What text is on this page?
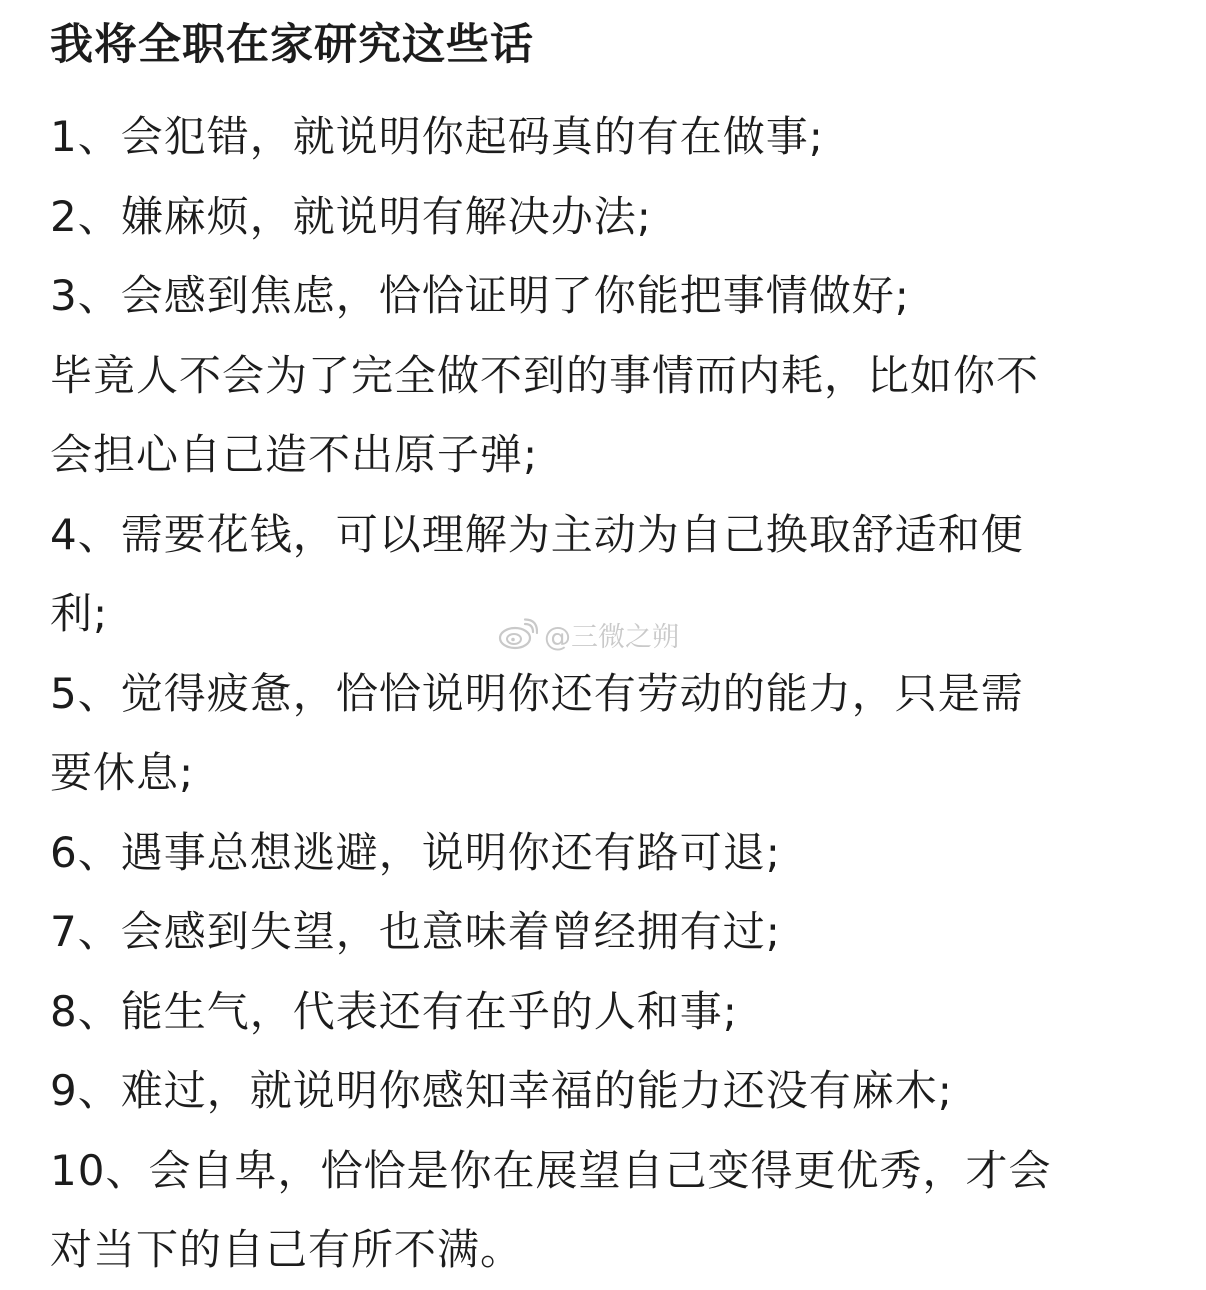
我将全职在家研究这些话
1、会犯错，就说明你起码真的有在做事;
2、嫌麻烦，就说明有解决办法;
3、会感到焦虑，恰恰证明了你能把事情做好;
毕竟人不会为了完全做不到的事情而内耗，比如你不
会担心自己造不出原子弹;
4、需要花钱，可以理解为主动为自己换取舒适和便
利;
5、觉得疲惫，恰恰说明你还有劳动的能力，只是需
要休息;
6、遇事总想逃避，说明你还有路可退;
7、会感到失望，也意味着曾经拥有过;
8、能生气，代表还有在乎的人和事;
9、难过，就说明你感知幸福的能力还没有麻木;
10、会自卑，恰恰是你在展望自己变得更优秀，才会
对当下的自己有所不满。
@三微之朔
